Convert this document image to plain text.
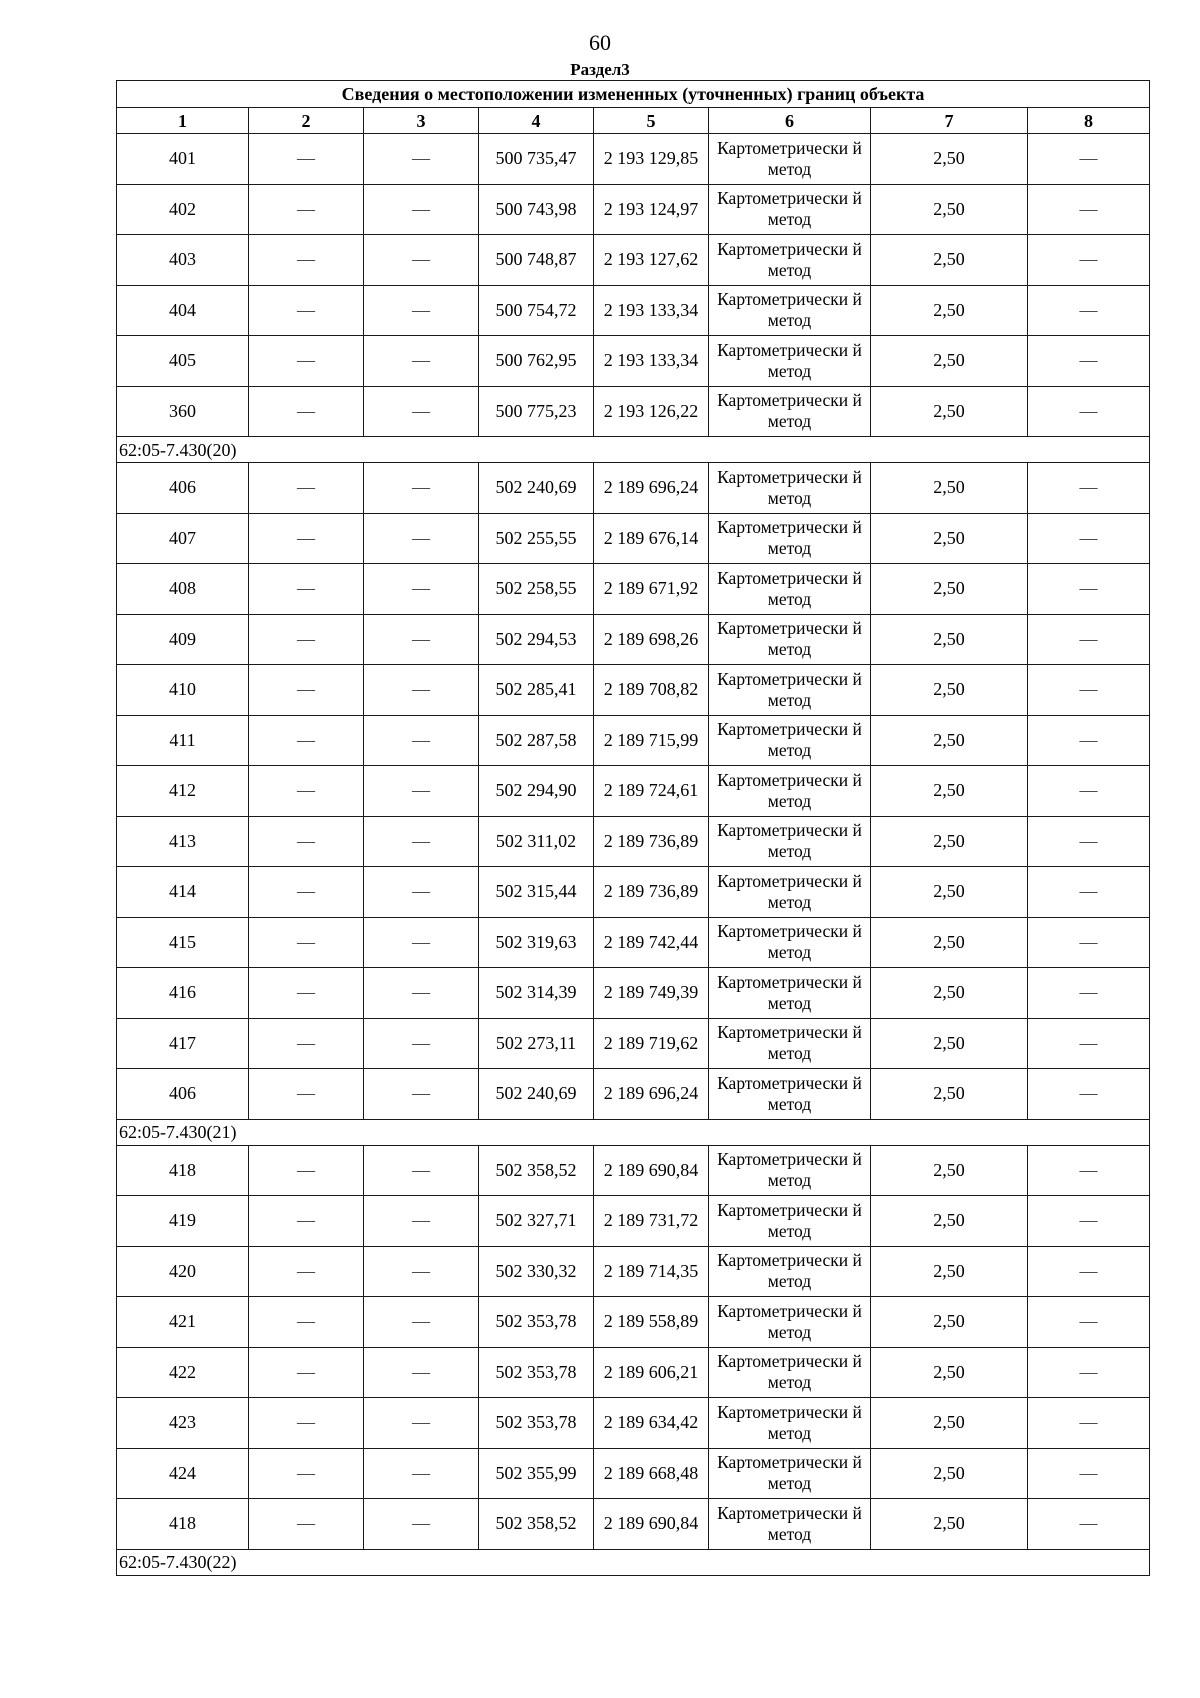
60
Раздел3
Сведения о местоположении измененных (уточненных) границ объекта							
1	2	3	4	5	6	7	8
401	—	—	500 735,47	2 193 129,85	Картометрически й метод	2,50	—
402	—	—	500 743,98	2 193 124,97	Картометрически й метод	2,50	—
403	—	—	500 748,87	2 193 127,62	Картометрически й метод	2,50	—
404	—	—	500 754,72	2 193 133,34	Картометрически й метод	2,50	—
405	—	—	500 762,95	2 193 133,34	Картометрически й метод	2,50	—
360	—	—	500 775,23	2 193 126,22	Картометрически й метод	2,50	—
62:05-7.430(20)							
406	—	—	502 240,69	2 189 696,24	Картометрически й метод	2,50	—
407	—	—	502 255,55	2 189 676,14	Картометрически й метод	2,50	—
408	—	—	502 258,55	2 189 671,92	Картометрически й метод	2,50	—
409	—	—	502 294,53	2 189 698,26	Картометрически й метод	2,50	—
410	—	—	502 285,41	2 189 708,82	Картометрически й метод	2,50	—
411	—	—	502 287,58	2 189 715,99	Картометрически й метод	2,50	—
412	—	—	502 294,90	2 189 724,61	Картометрически й метод	2,50	—
413	—	—	502 311,02	2 189 736,89	Картометрически й метод	2,50	—
414	—	—	502 315,44	2 189 736,89	Картометрически й метод	2,50	—
415	—	—	502 319,63	2 189 742,44	Картометрически й метод	2,50	—
416	—	—	502 314,39	2 189 749,39	Картометрически й метод	2,50	—
417	—	—	502 273,11	2 189 719,62	Картометрически й метод	2,50	—
406	—	—	502 240,69	2 189 696,24	Картометрически й метод	2,50	—
62:05-7.430(21)							
418	—	—	502 358,52	2 189 690,84	Картометрически й метод	2,50	—
419	—	—	502 327,71	2 189 731,72	Картометрически й метод	2,50	—
420	—	—	502 330,32	2 189 714,35	Картометрически й метод	2,50	—
421	—	—	502 353,78	2 189 558,89	Картометрически й метод	2,50	—
422	—	—	502 353,78	2 189 606,21	Картометрически й метод	2,50	—
423	—	—	502 353,78	2 189 634,42	Картометрически й метод	2,50	—
424	—	—	502 355,99	2 189 668,48	Картометрически й метод	2,50	—
418	—	—	502 358,52	2 189 690,84	Картометрически й метод	2,50	—
62:05-7.430(22)							
